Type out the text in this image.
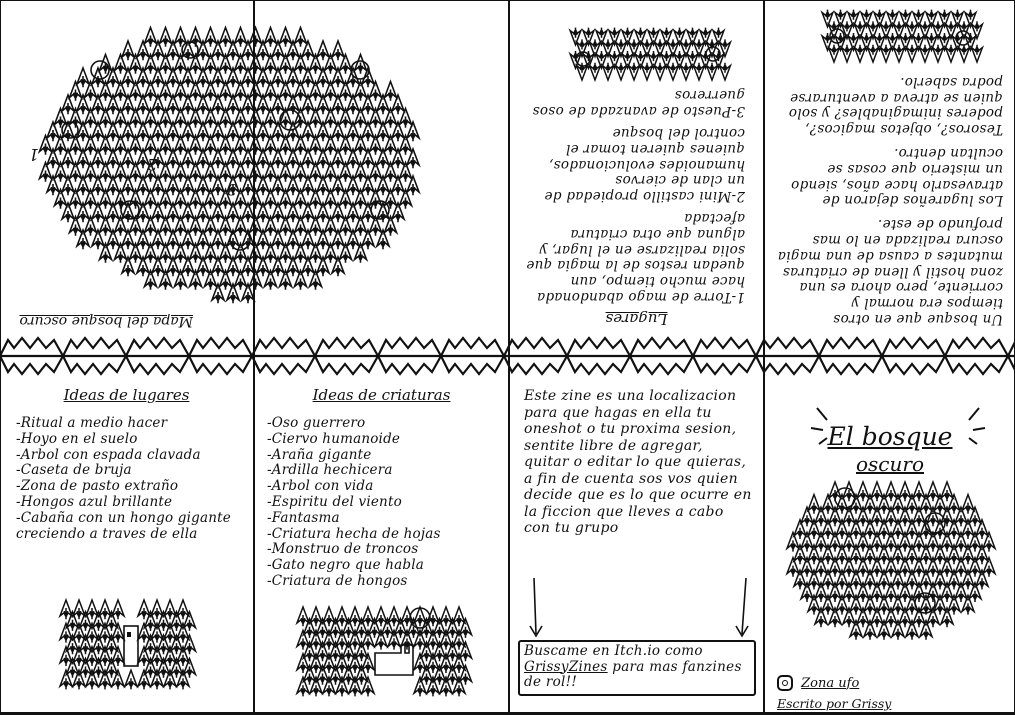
Mapa del bosque oscuro
1
2
3
Lugares

1-Torre de mago abandonada hace mucho tiempo, aun quedan restos de la magia que solia realizarse en el lugar, y alguna que otra criatura afectada

2-Mini castillo propiedad de un clan de ciervos humanoides evolucionados, quienes quieren tomar el control del bosque

3-Puesto de avanzada de osos guerreros

Un bosque que en otros tiempos era normal y corriente, pero ahora es una zona hostil y llena de criaturas mutantes a causa de una magia oscura realizada en lo mas profundo de este.

Los lugareños dejaron de atravesarlo hace años, siendo un misterio que cosas se ocultan dentro.

Tesoros?, objetos magicos?, poderes inimaginables? y solo quien se atreva a aventurarse podra saberlo.

Ideas de lugares
-Ritual a medio hacer
-Hoyo en el suelo
-Arbol con espada clavada
-Caseta de bruja
-Zona de pasto extraño
-Hongos azul brillante
-Cabaña con un hongo gigante creciendo a traves de ella
Ideas de criaturas
-Oso guerrero
-Ciervo humanoide
-Araña gigante
-Ardilla hechicera
-Arbol con vida
-Espiritu del viento
-Fantasma
-Criatura hecha de hojas
-Monstruo de troncos
-Gato negro que habla
-Criatura de hongos

Este zine es una localizacion para que hagas en ella tu oneshot o tu proxima sesion, sentite libre de agregar, quitar o editar lo que quieras, a fin de cuenta sos vos quien decide que es lo que ocurre en la ficcion que lleves a cabo con tu grupo

Buscame en Itch.io como GrissyZines para mas fanzines de rol!!

El bosque
oscuro
Zona ufo
Escrito por Grissy
